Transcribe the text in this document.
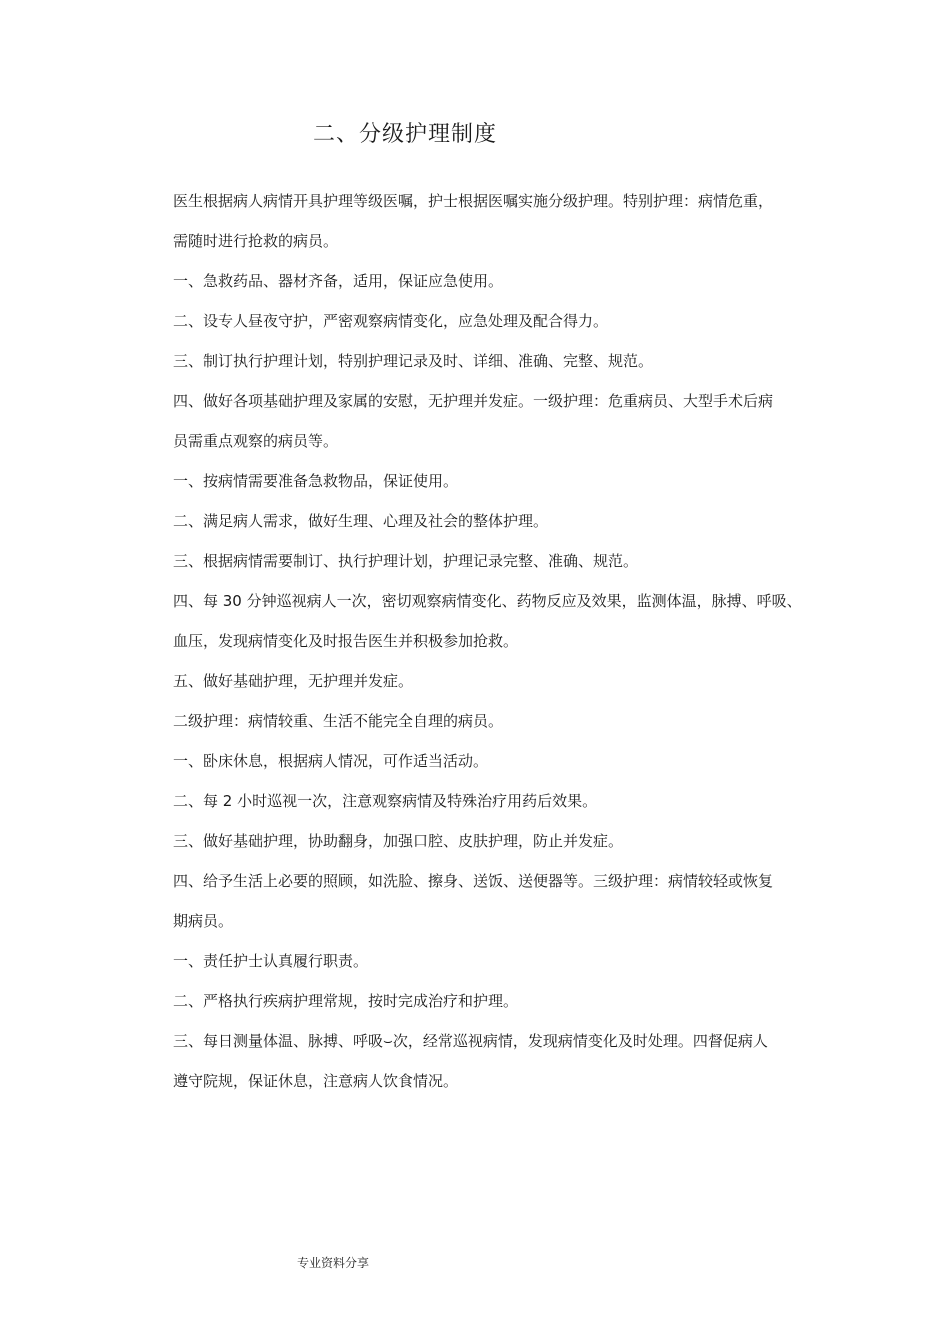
二、分级护理制度

医生根据病人病情开具护理等级医嘱，护士根据医嘱实施分级护理。特别护理：病情危重，

需随时进行抢救的病员。

一、急救药品、器材齐备，适用，保证应急使用。

二、设专人昼夜守护，严密观察病情变化，应急处理及配合得力。

三、制订执行护理计划，特别护理记录及时、详细、准确、完整、规范。

四、做好各项基础护理及家属的安慰，无护理并发症。一级护理：危重病员、大型手术后病

员需重点观察的病员等。

一、按病情需要准备急救物品，保证使用。

二、满足病人需求，做好生理、心理及社会的整体护理。

三、根据病情需要制订、执行护理计划，护理记录完整、准确、规范。

四、每 30 分钟巡视病人一次，密切观察病情变化、药物反应及效果，监测体温，脉搏、呼吸、

血压，发现病情变化及时报告医生并积极参加抢救。

五、做好基础护理，无护理并发症。

二级护理：病情较重、生活不能完全自理的病员。

一、卧床休息，根据病人情况，可作适当活动。

二、每 2 小时巡视一次，注意观察病情及特殊治疗用药后效果。

三、做好基础护理，协助翻身，加强口腔、皮肤护理，防止并发症。

四、给予生活上必要的照顾，如洗脸、擦身、送饭、送便器等。三级护理：病情较轻或恢复

期病员。

一、责任护士认真履行职责。

二、严格执行疾病护理常规，按时完成治疗和护理。

三、每日测量体温、脉搏、呼吸⌣次，经常巡视病情，发现病情变化及时处理。四督促病人

遵守院规，保证休息，注意病人饮食情况。

专业资料分享
